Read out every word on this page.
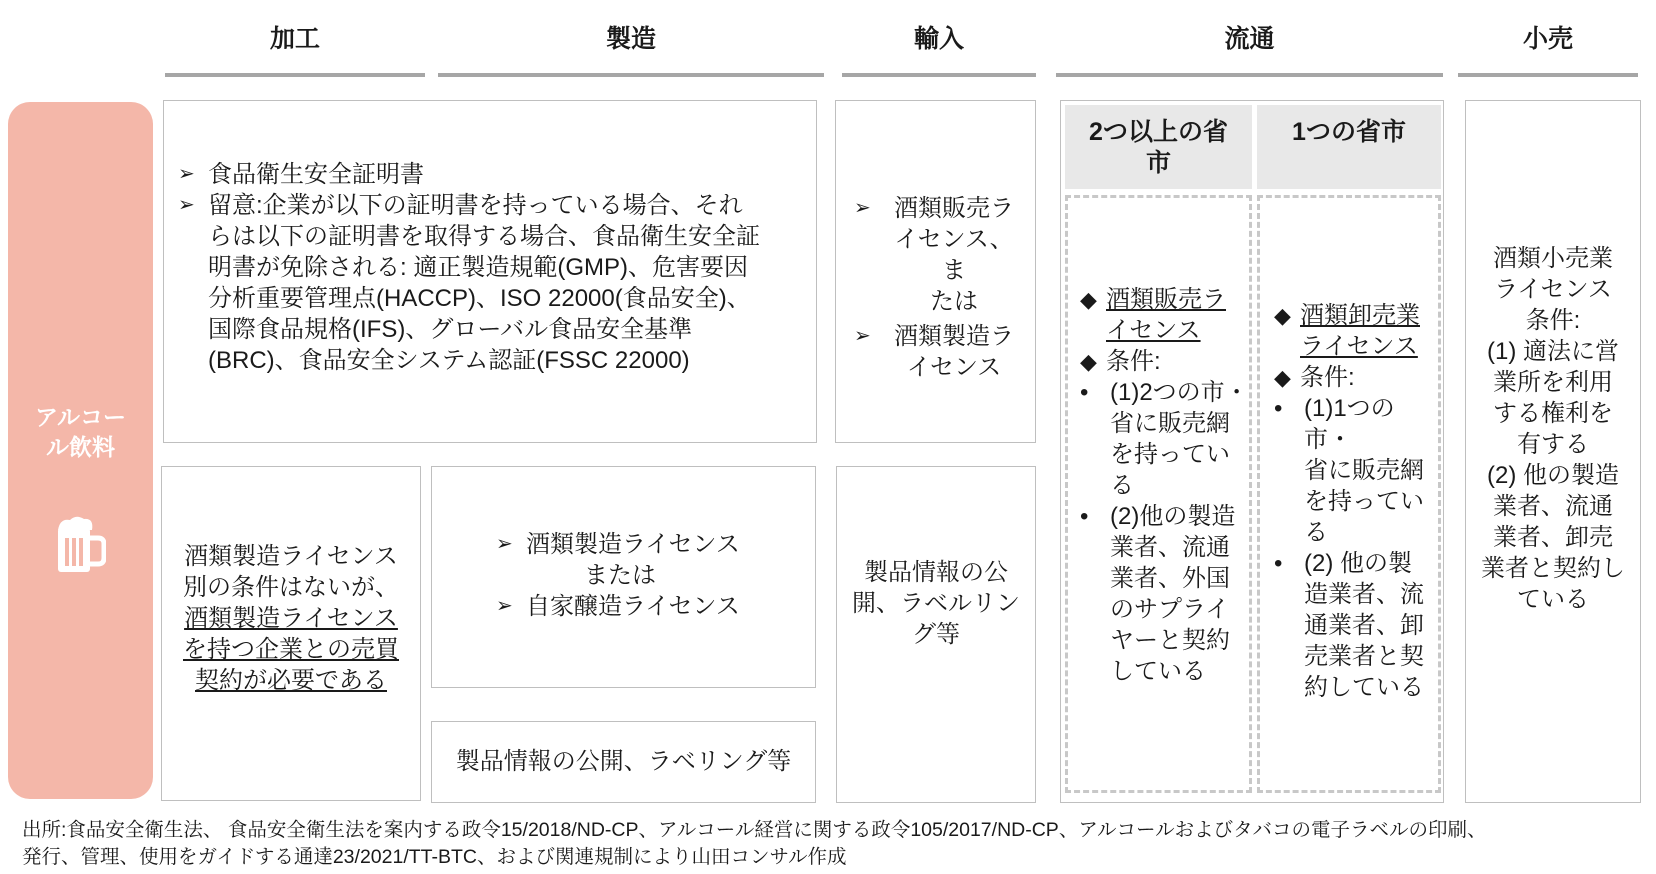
加工	製造	輸入	流通	小売
アルコー
ル飲料
➢ 食品衛生安全証明書
➢ 留意:企業が以下の証明書を持っている場合、それ
らは以下の証明書を取得する場合、食品衛生安全証
明書が免除される: 適正製造規範(GMP)、危害要因
分析重要管理点(HACCP)、ISO 22000(食品安全)、
国際食品規格(IFS)、グローバル食品安全基準
(BRC)、食品安全システム認証(FSSC 22000)
➢ 酒類販売ラ
イセンス、ま
たは
➢ 酒類製造ラ
イセンス
酒類製造ライセンス
別の条件はないが、
酒類製造ライセンス
を持つ企業との売買
契約が必要である
➢ 酒類製造ライセンス
または
➢ 自家醸造ライセンス
製品情報の公開、ラベリング等
製品情報の公
開、ラベルリン
グ等
2つ以上の省
市
1つの省市
◆ 酒類販売ラ
イセンス
◆ 条件:
• (1)2つの市・
省に販売網
を持ってい
る
• (2)他の製造
業者、流通
業者、外国
のサプライ
ヤーと契約
している
◆ 酒類卸売業
ライセンス
◆ 条件:
• (1)1つの市・
省に販売網
を持ってい
る
• (2) 他の製
造業者、流
通業者、卸
売業者と契
約している
酒類小売業
ライセンス
条件:
(1) 適法に営
業所を利用
する権利を
有する
(2) 他の製造
業者、流通
業者、卸売
業者と契約し
ている
出所:食品安全衛生法、 食品安全衛生法を案内する政令15/2018/ND-CP、アルコール経営に関する政令105/2017/ND-CP、アルコールおよびタバコの電子ラベルの印刷、
発行、管理、使用をガイドする通達23/2021/TT-BTC、および関連規制により山田コンサル作成
